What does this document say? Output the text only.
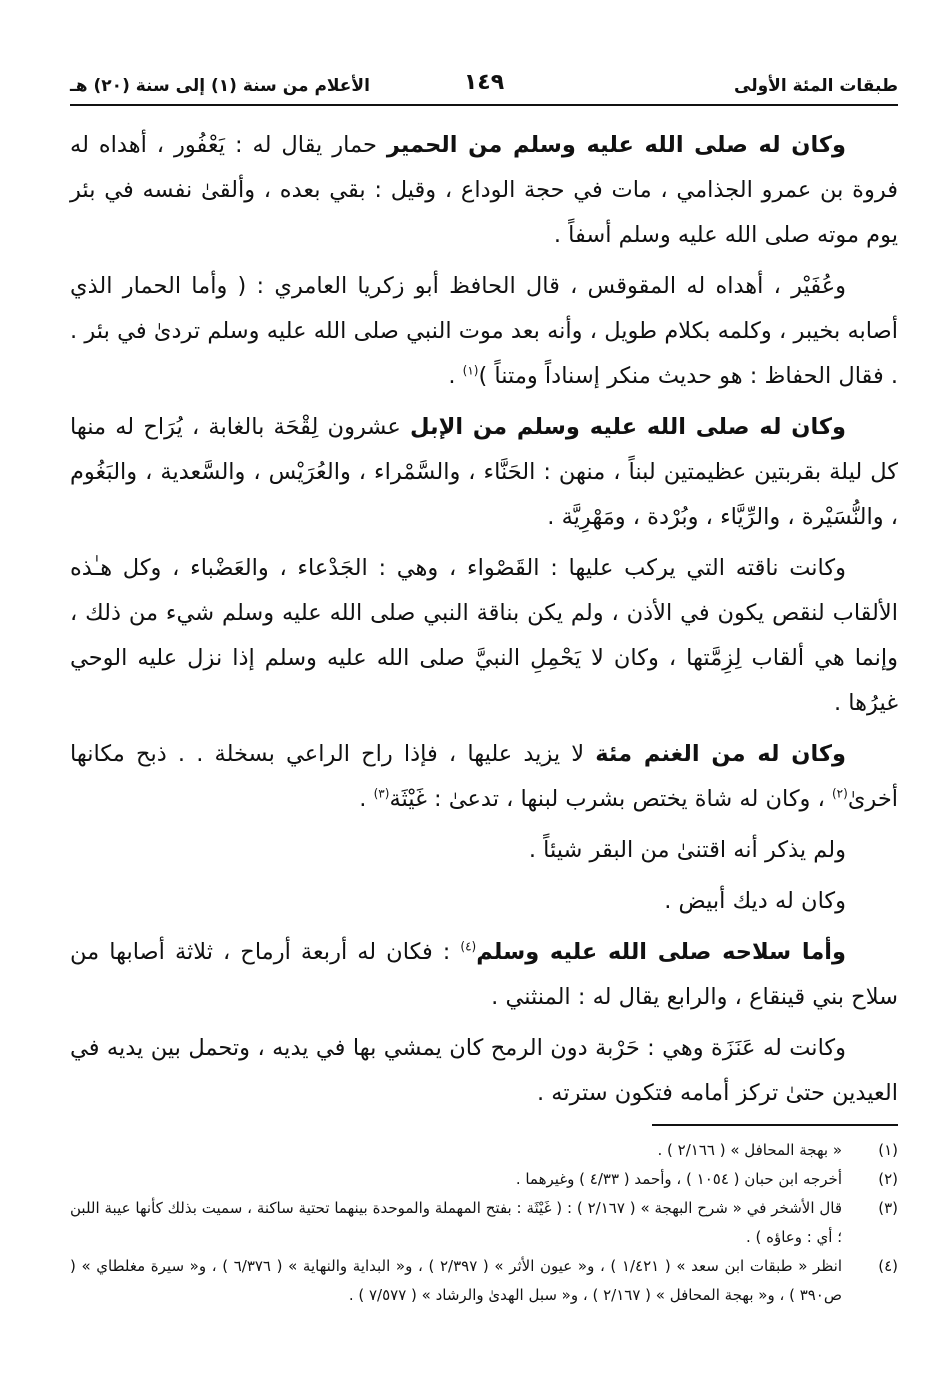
طبقات المئة الأولى
١٤٩
الأعلام من سنة (١) إلى سنة (٢٠) هـ

وكان له صلى الله عليه وسلم من الحمير حمار يقال له : يَعْفُور ، أهداه له فروة بن عمرو الجذامي ، مات في حجة الوداع ، وقيل : بقي بعده ، وألقىٰ نفسه في بئر يوم موته صلى الله عليه وسلم أسفاً .

وعُفَيْر ، أهداه له المقوقس ، قال الحافظ أبو زكريا العامري : ( وأما الحمار الذي أصابه بخيبر ، وكلمه بكلام طويل ، وأنه بعد موت النبي صلى الله عليه وسلم تردىٰ في بئر . . فقال الحفاظ : هو حديث منكر إسناداً ومتناً )$^{(١)}$ .

وكان له صلى الله عليه وسلم من الإبل عشرون لِقْحَة بالغابة ، يُرَاح له منها كل ليلة بقربتين عظيمتين لبناً ، منهن : الحَنَّاء ، والسَّمْراء ، والعُرَيْس ، والسَّعدية ، والبَغُوم ، والنُّسَيْرة ، والرِّيَّاء ، وبُرْدة ، ومَهْرِيَّة .

وكانت ناقته التي يركب عليها : القَصْواء ، وهي : الجَدْعاء ، والعَضْباء ، وكل هـٰذه الألقاب لنقص يكون في الأذن ، ولم يكن بناقة النبي صلى الله عليه وسلم شيء من ذلك ، وإنما هي ألقاب لِزِمَّتها ، وكان لا يَحْمِلِ النبيَّ صلى الله عليه وسلم إذا نزل عليه الوحي غيرُها .

وكان له من الغنم مئة لا يزيد عليها ، فإذا راح الراعي بسخلة . . ذبح مكانها أخرىٰ$^{(٢)}$ ، وكان له شاة يختص بشرب لبنها ، تدعىٰ : غَيْثَة$^{(٣)}$ .

ولم يذكر أنه اقتنىٰ من البقر شيئاً .

وكان له ديك أبيض .

وأما سلاحه صلى الله عليه وسلم$^{(٤)}$ : فكان له أربعة أرماح ، ثلاثة أصابها من سلاح بني قينقاع ، والرابع يقال له : المنثني .

وكانت له عَنَزَة وهي : حَرْبة دون الرمح كان يمشي بها في يديه ، وتحمل بين يديه في العيدين حتىٰ تركز أمامه فتكون سترته .

(١)
« بهجة المحافل » ( ٢/١٦٦ ) .
(٢)
أخرجه ابن حبان ( ١٠٥٤ ) ، وأحمد ( ٤/٣٣ ) وغيرهما .
(٣)
قال الأشخر في « شرح البهجة » ( ٢/١٦٧ ) : ( غَيْثَة : بفتح المهملة والموحدة بينهما تحتية ساكنة ، سميت بذلك كأنها عيبة اللبن ؛ أي : وعاؤه ) .
(٤)
انظر « طبقات ابن سعد » ( ١/٤٢١ ) ، و« عيون الأثر » ( ٢/٣٩٧ ) ، و« البداية والنهاية » ( ٦/٣٧٦ ) ، و« سيرة مغلطاي » ( ص٣٩٠ ) ، و« بهجة المحافل » ( ٢/١٦٧ ) ، و« سبل الهدىٰ والرشاد » ( ٧/٥٧٧ ) .
